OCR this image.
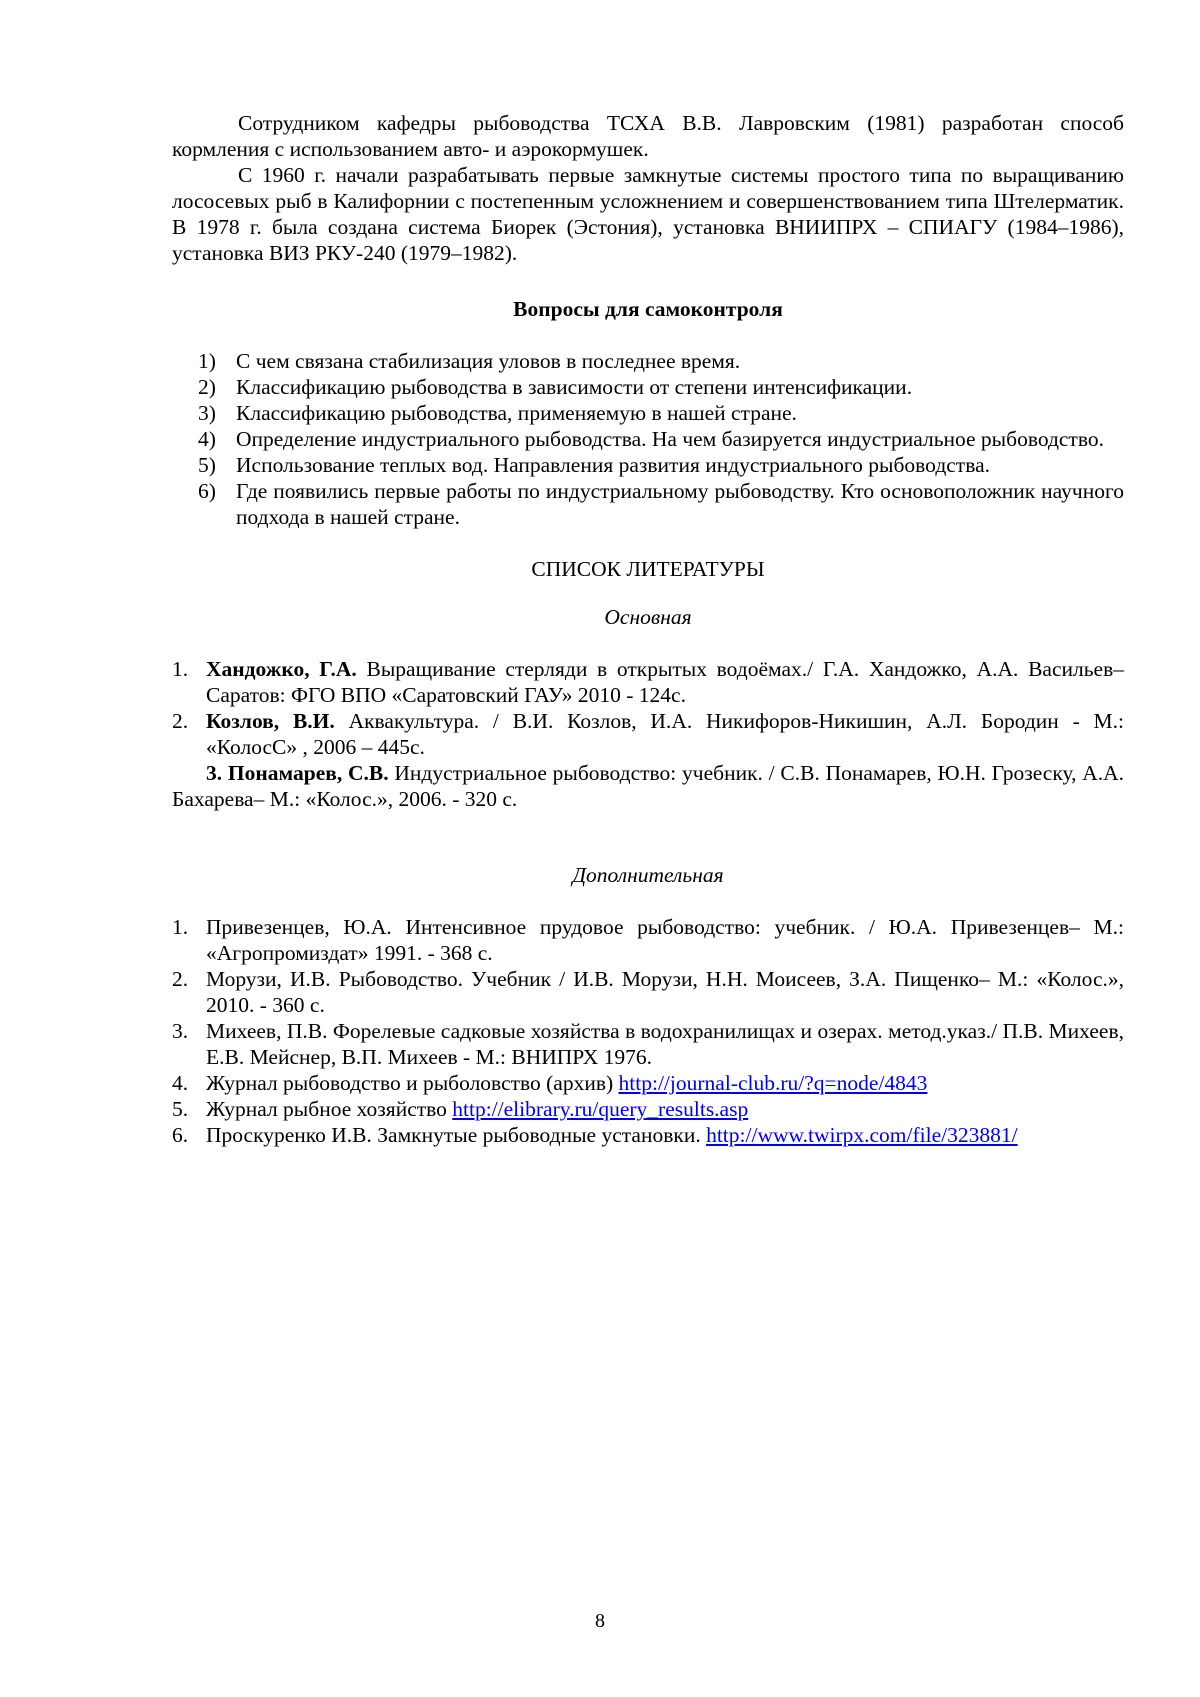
Сотрудником кафедры рыбоводства ТСХА В.В. Лавровским (1981) разработан способ кормления с использованием авто- и аэрокормушек.

С 1960 г. начали разрабатывать первые замкнутые системы простого типа по выращиванию лососевых рыб в Калифорнии с постепенным усложнением и совершенствованием типа Штелерматик. В 1978 г. была создана система Биорек (Эстония), установка ВНИИПРХ – СПИАГУ (1984–1986), установка ВИЗ РКУ-240 (1979–1982).

Вопросы для самоконтроля

1) С чем связана стабилизация уловов в последнее время.
2) Классификацию рыбоводства в зависимости от степени интенсификации.
3) Классификацию рыбоводства, применяемую в нашей стране.
4) Определение индустриального рыбоводства. На чем базируется индустриальное рыбоводство.
5) Использование теплых вод. Направления развития индустриального рыбоводства.
6) Где появились первые работы по индустриальному рыбоводству. Кто основоположник научного подхода в нашей стране.

СПИСОК ЛИТЕРАТУРЫ

Основная

1. Хандожко, Г.А. Выращивание стерляди в открытых водоёмах./ Г.А. Хандожко, А.А. Васильев– Саратов: ФГО ВПО «Саратовский ГАУ» 2010 - 124с.
2. Козлов, В.И. Аквакультура. / В.И. Козлов, И.А. Никифоров-Никишин, А.Л. Бородин - М.: «КолосС» , 2006 – 445с.
3. Понамарев, С.В. Индустриальное рыбоводство: учебник. / С.В. Понамарев, Ю.Н. Грозеску, А.А. Бахарева– М.: «Колос.», 2006. - 320 с.

Дополнительная

1. Привезенцев, Ю.А. Интенсивное прудовое рыбоводство: учебник. / Ю.А. Привезенцев– М.: «Агропромиздат» 1991. - 368 с.
2. Морузи, И.В. Рыбоводство. Учебник / И.В. Морузи, Н.Н. Моисеев, З.А. Пищенко– М.: «Колос.», 2010. - 360 с.
3. Михеев, П.В. Форелевые садковые хозяйства в водохранилищах и озерах. метод.указ./ П.В. Михеев, Е.В. Мейснер, В.П. Михеев - М.: ВНИПРХ 1976.
4. Журнал рыбоводство и рыболовство (архив) http://journal-club.ru/?q=node/4843
5. Журнал рыбное хозяйство http://elibrary.ru/query_results.asp
6. Проскуренко И.В. Замкнутые рыбоводные установки. http://www.twirpx.com/file/323881/
8
